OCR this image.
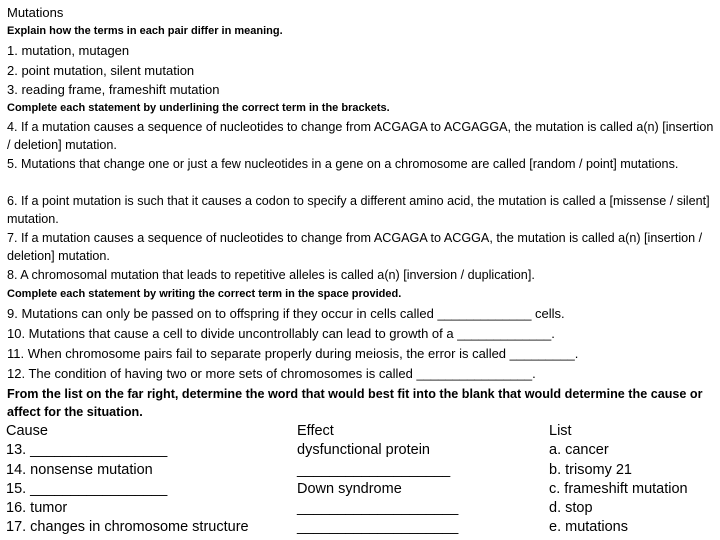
Mutations
Explain how the terms in each pair differ in meaning.
1. mutation, mutagen
2. point mutation, silent mutation
3. reading frame, frameshift mutation
Complete each statement by underlining the correct term in the brackets.
4. If a mutation causes a sequence of nucleotides to change from ACGAGA to ACGAGGA, the mutation is called a(n) [insertion / deletion] mutation.
5. Mutations that change one or just a few nucleotides in a gene on a chromosome are called [random / point] mutations.
6. If a point mutation is such that it causes a codon to specify a different amino acid, the mutation is called a [missense / silent] mutation.
7. If a mutation causes a sequence of nucleotides to change from ACGAGA to ACGGA, the mutation is called a(n) [insertion / deletion] mutation.
8. A chromosomal mutation that leads to repetitive alleles is called a(n) [inversion / duplication].
Complete each statement by writing the correct term in the space provided.
9. Mutations can only be passed on to offspring if they occur in cells called _____________ cells.
10. Mutations that cause a cell to divide uncontrollably can lead to growth of a _____________.
11. When chromosome pairs fail to separate properly during meiosis, the error is called _________.
12. The condition of having two or more sets of chromosomes is called ________________.
From the list on the far right, determine the word that would best fit into the blank that would determine the cause or affect for the situation.
Cause
13. _________________
14. nonsense mutation
15. _________________
16. tumor
17. changes in chromosome structure
Effect
dysfunctional protein
___________________
Down syndrome
____________________
____________________
List
a. cancer
b. trisomy 21
c. frameshift mutation
d. stop
e. mutations
